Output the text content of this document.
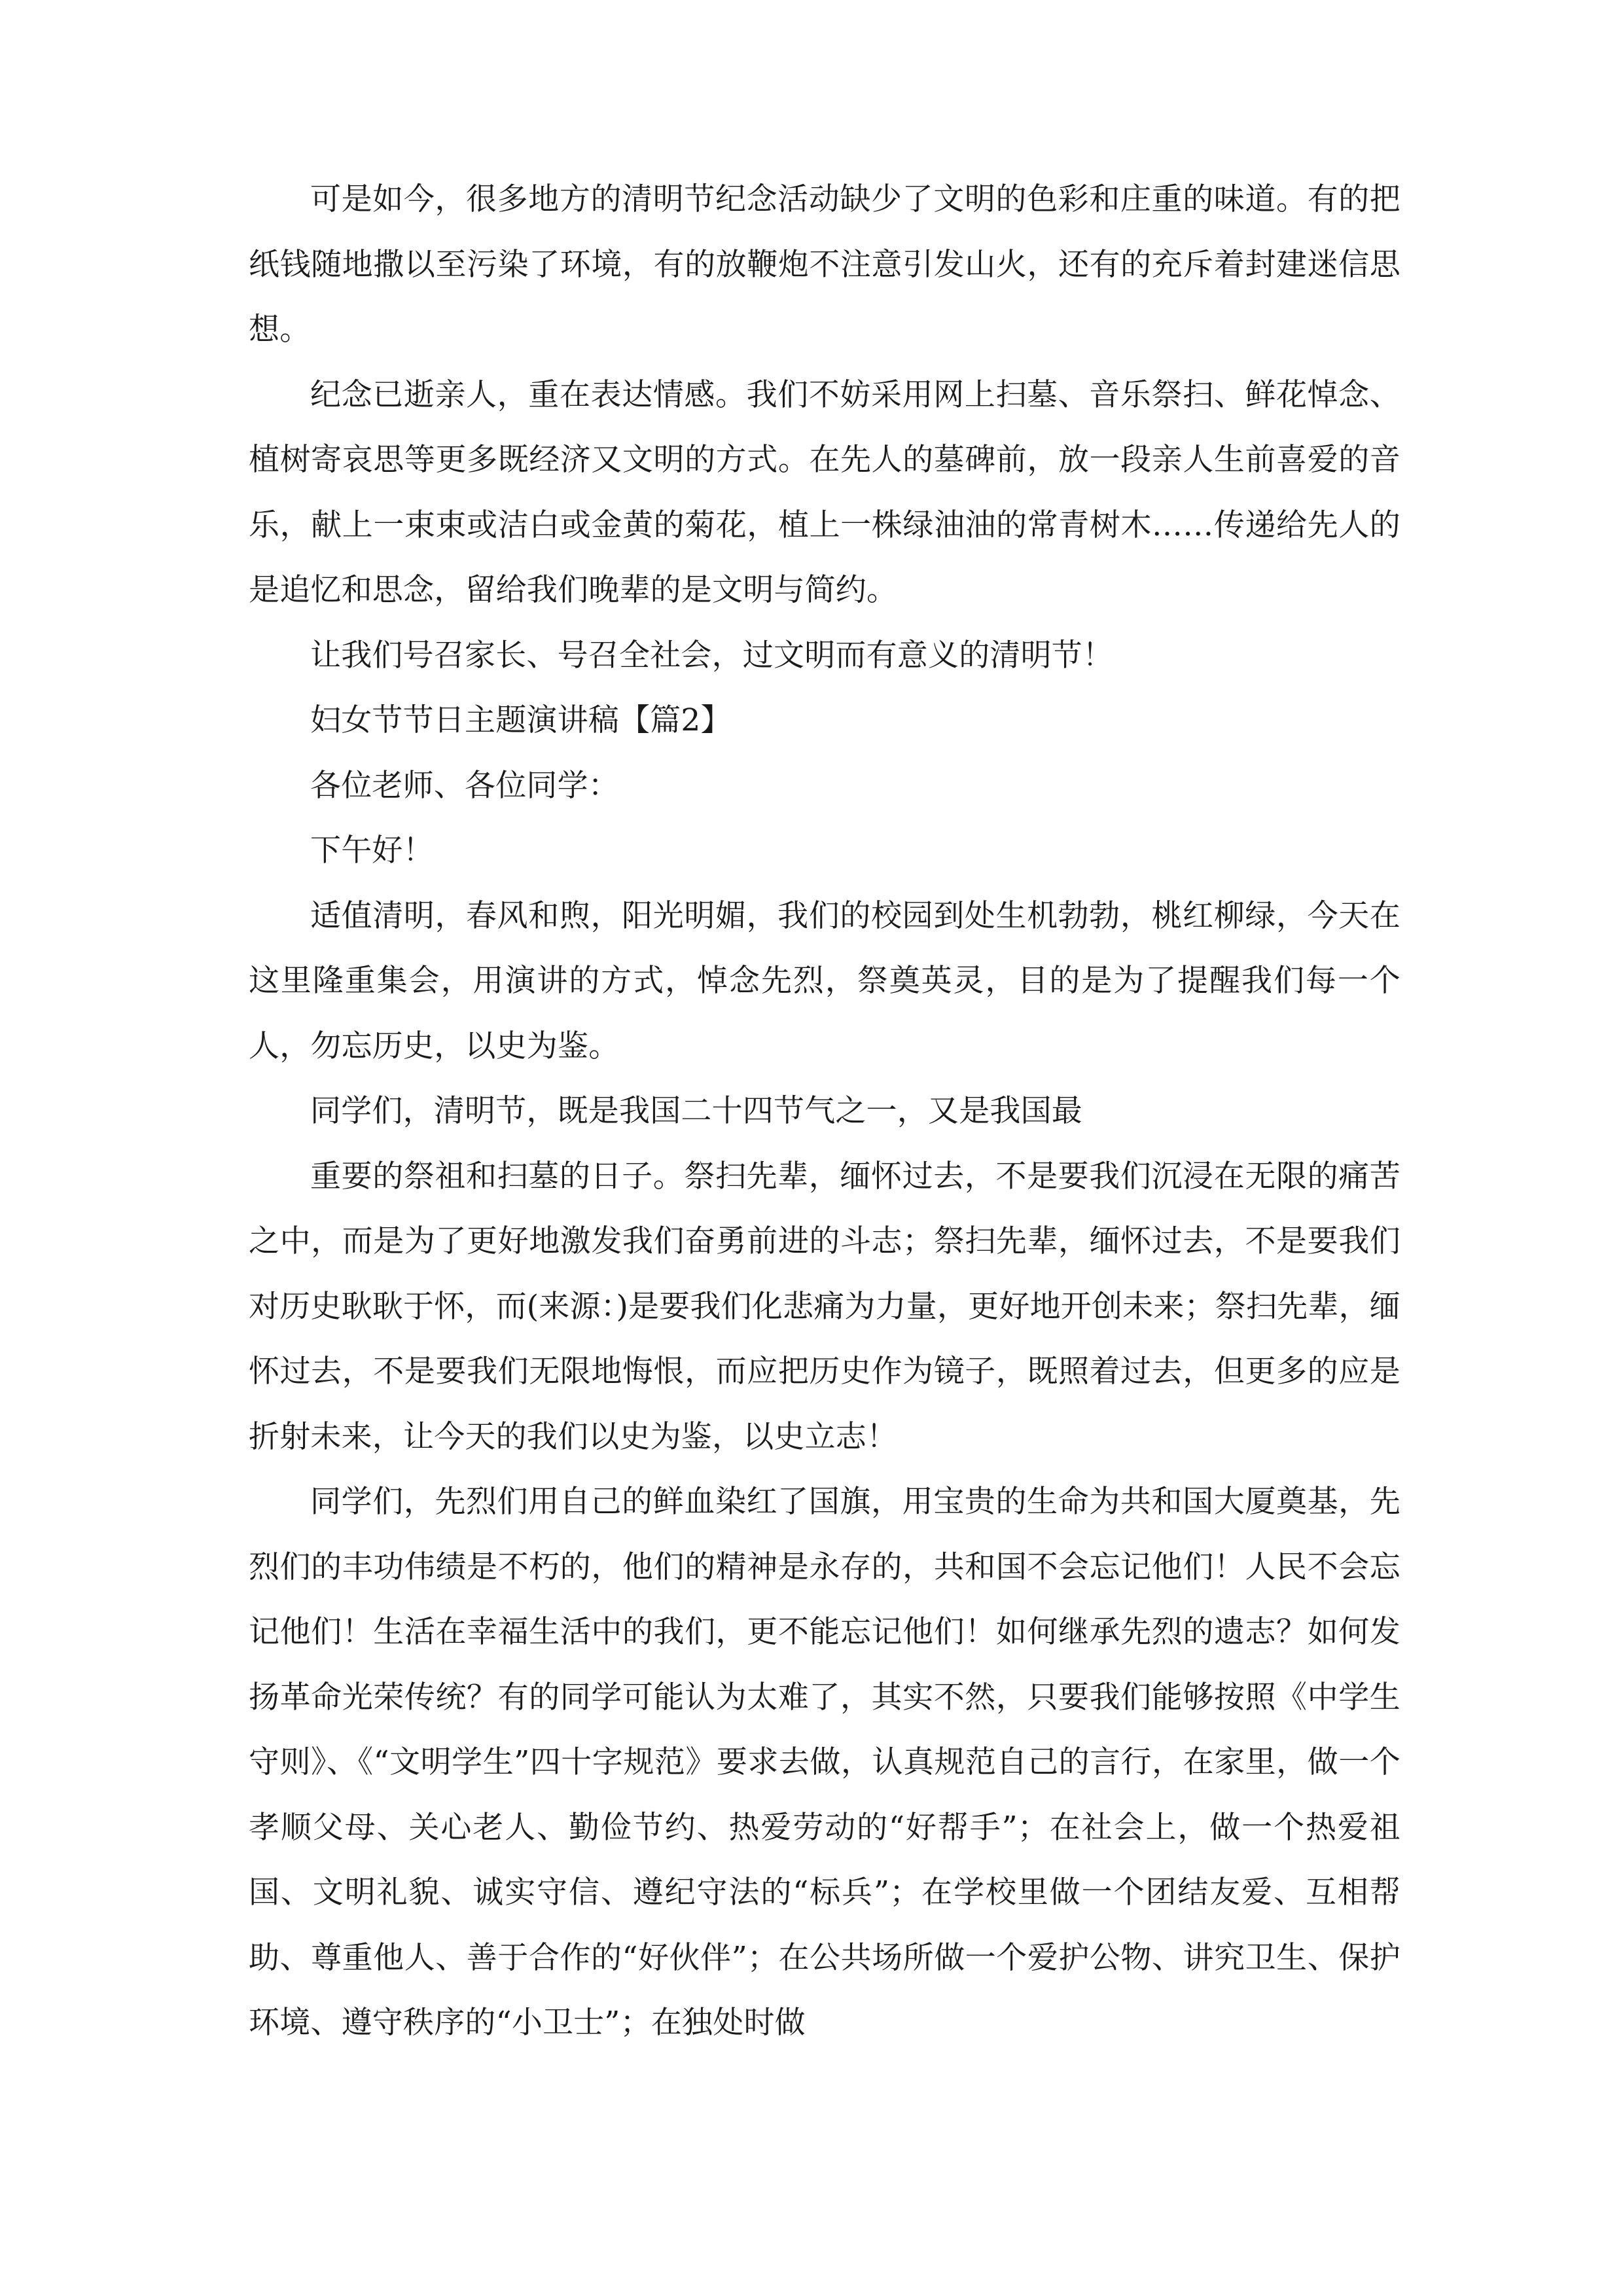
可是如今，很多地方的清明节纪念活动缺少了文明的色彩和庄重的味道。有的把纸钱随地撒以至污染了环境，有的放鞭炮不注意引发山火，还有的充斥着封建迷信思想。

纪念已逝亲人，重在表达情感。我们不妨采用网上扫墓、音乐祭扫、鲜花悼念、植树寄哀思等更多既经济又文明的方式。在先人的墓碑前，放一段亲人生前喜爱的音乐，献上一束束或洁白或金黄的菊花，植上一株绿油油的常青树木……传递给先人的是追忆和思念，留给我们晚辈的是文明与简约。

让我们号召家长、号召全社会，过文明而有意义的清明节！

妇女节节日主题演讲稿【篇2】

各位老师、各位同学：

下午好！

适值清明，春风和煦，阳光明媚，我们的校园到处生机勃勃，桃红柳绿，今天在这里隆重集会，用演讲的方式，悼念先烈，祭奠英灵，目的是为了提醒我们每一个人，勿忘历史，以史为鉴。

同学们，清明节，既是我国二十四节气之一，又是我国最

重要的祭祖和扫墓的日子。祭扫先辈，缅怀过去，不是要我们沉浸在无限的痛苦之中，而是为了更好地激发我们奋勇前进的斗志；祭扫先辈，缅怀过去，不是要我们对历史耿耿于怀，而(来源：)是要我们化悲痛为力量，更好地开创未来；祭扫先辈，缅怀过去，不是要我们无限地悔恨，而应把历史作为镜子，既照着过去，但更多的应是折射未来，让今天的我们以史为鉴，以史立志！

同学们，先烈们用自己的鲜血染红了国旗，用宝贵的生命为共和国大厦奠基，先烈们的丰功伟绩是不朽的，他们的精神是永存的，共和国不会忘记他们！人民不会忘记他们！生活在幸福生活中的我们，更不能忘记他们！如何继承先烈的遗志？如何发扬革命光荣传统？有的同学可能认为太难了，其实不然，只要我们能够按照《中学生守则》、《“文明学生”四十字规范》要求去做，认真规范自己的言行，在家里，做一个孝顺父母、关心老人、勤俭节约、热爱劳动的“好帮手”；在社会上，做一个热爱祖国、文明礼貌、诚实守信、遵纪守法的“标兵”；在学校里做一个团结友爱、互相帮助、尊重他人、善于合作的“好伙伴”；在公共场所做一个爱护公物、讲究卫生、保护环境、遵守秩序的“小卫士”；在独处时做
